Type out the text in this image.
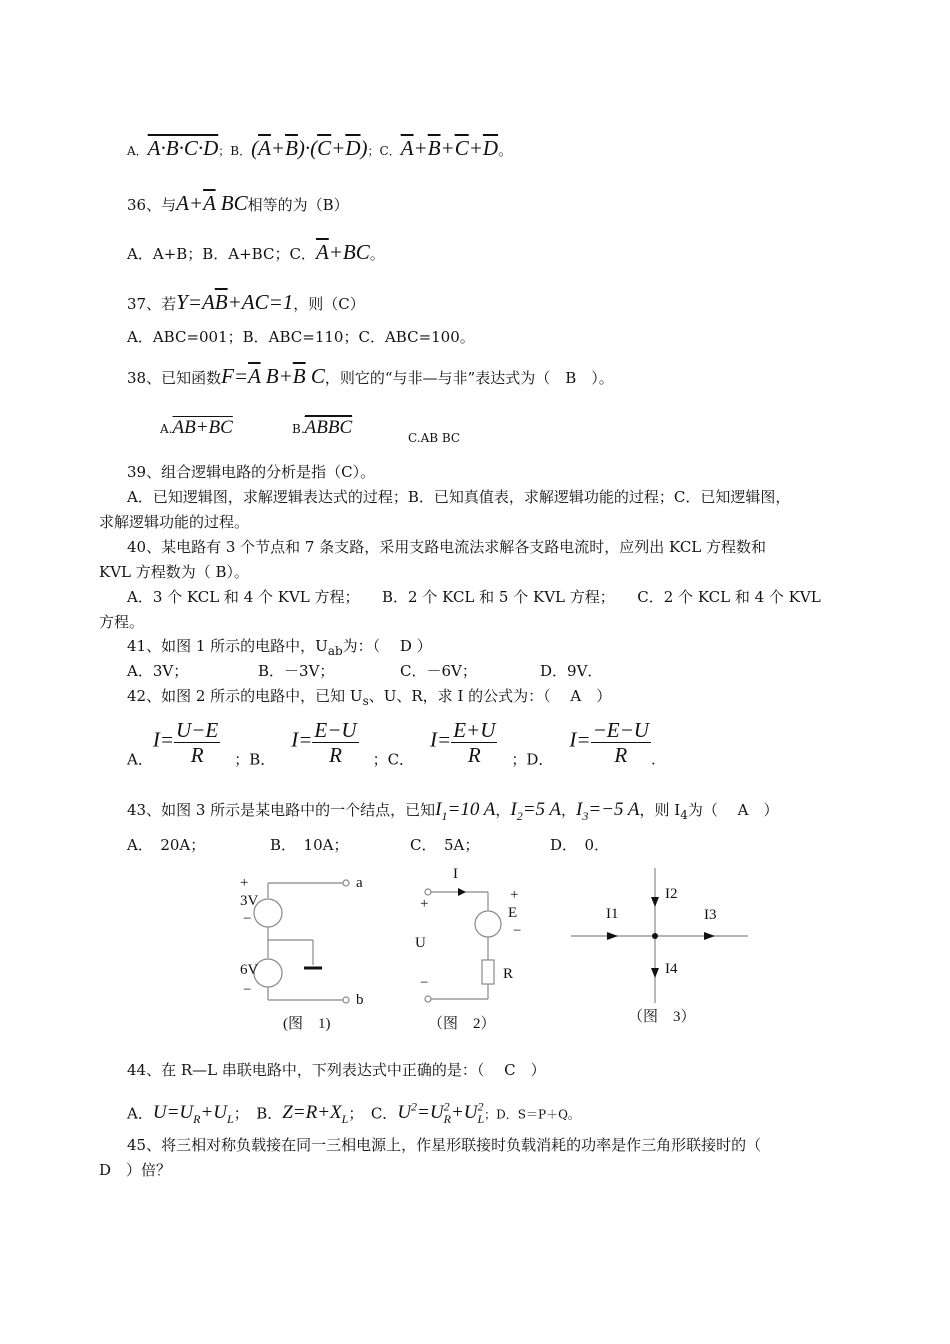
A．A·B·C·D；B．$(\overline{A}+\overline{B})\cdot(\overline{C}+\overline{D})$；C．$\overline{A}+\overline{B}+\overline{C}+\overline{D}$。
36、与$A+\overline{A}$ BC相等的为（B）
A．A+B；B．A+BC；C．$\overline{A}+BC$。
37、若$Y=A\overline{B}+AC=1$，则（C）
A．ABC=001；B．ABC=110；C．ABC=100。
38、已知函数$F=\overline{A}$ $B+\overline{B}$ C，则它的“与非—与非”表达式为（　B　）。
A.AB+BC	B.ABBC	C.AB BC
39、组合逻辑电路的分析是指（C）。
A．已知逻辑图，求解逻辑表达式的过程；B．已知真值表，求解逻辑功能的过程；C．已知逻辑图，
求解逻辑功能的过程。
40、某电路有 3 个节点和 7 条支路，采用支路电流法求解各支路电流时，应列出 KCL 方程数和
KVL 方程数为（ B）。
A．3 个 KCL 和 4 个 KVL 方程；　　B．2 个 KCL 和 5 个 KVL 方程；　　C．2 个 KCL 和 4 个 KVL
方程。
41、如图 1 所示的电路中，$U_{ab}$为：（　 D ）
A．3V；	B．－3V；	C．－6V；	D．9V．
42、如图 2 所示的电路中，已知 $U_s$、U、R，求 I 的公式为：（　 A　）
A．$I= \frac{U-E}{R}$ ；B．$I= \frac{E-U}{R}$ ；C．$I= \frac{E+U}{R}$ ；D．$I= \frac{-E-U}{R}$ .
43、如图 3 所示是某电路中的一个结点，已知$I_1=10$ A，$I_2=5$ A，$I_3=-5$ A，则 $I_4$为（　 A　）
A．　20A；	B．　10A；	C．　5A；	D．　0．
+
3V
−
6V
−
a
b
(图　1)
I
+
U
−
+
E
−
R
（图　2）
I1
I2
I3
I4
（图　3）
44、在 R—L 串联电路中，下列表达式中正确的是：（　 C　）
A．$U=U_R+U_L$；　B．$Z=R+X_L$；　C．$U^2=U^2_R+U^2_L$；D．S＝P＋Q。
45、将三相对称负载接在同一三相电源上，作星形联接时负载消耗的功率是作三角形联接时的（
D　）倍？
